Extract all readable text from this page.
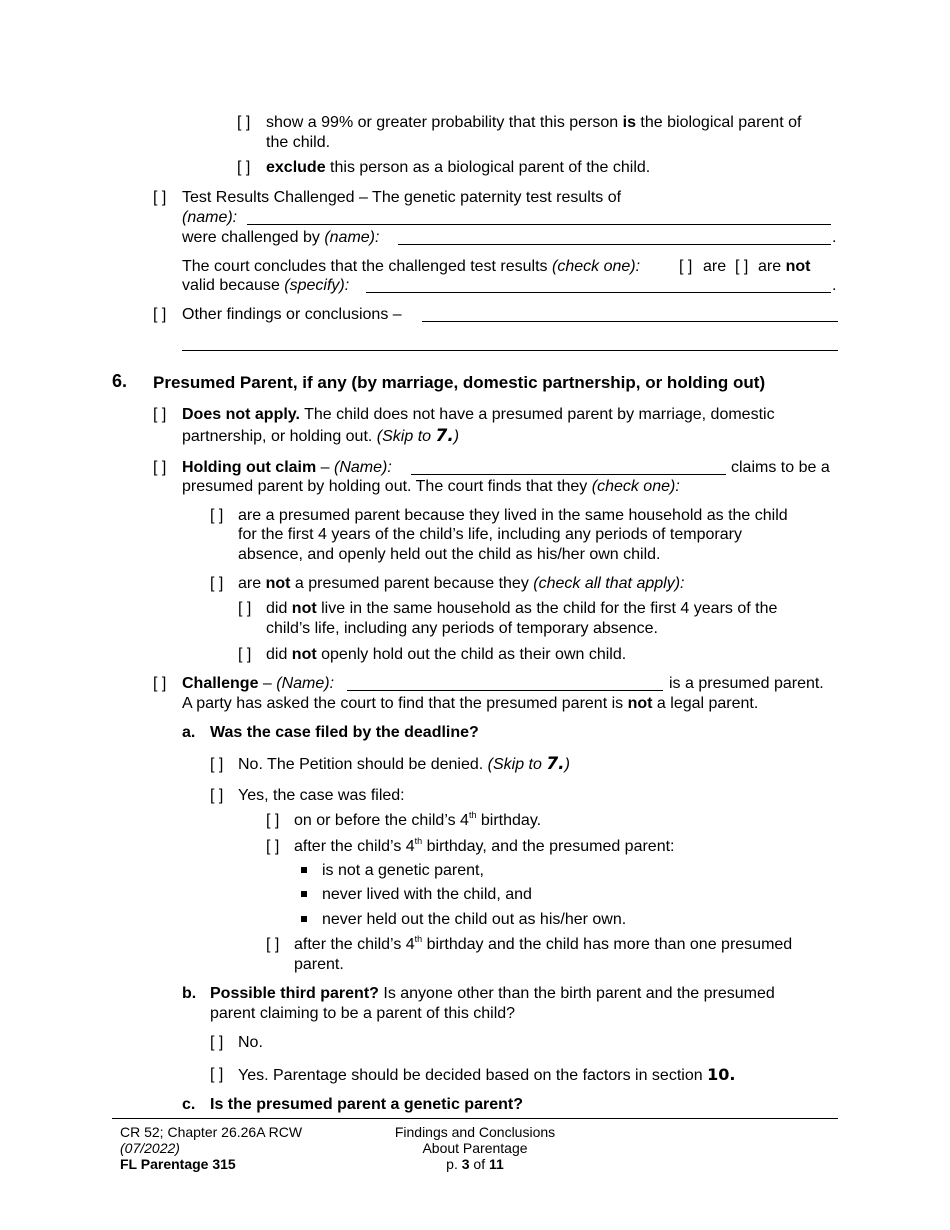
[ ] show a 99% or greater probability that this person is the biological parent of
the child.
[ ] exclude this person as a biological parent of the child.
[ ] Test Results Challenged – The genetic paternity test results of
(name):
were challenged by (name):	.
The court concludes that the challenged test results (check one): [ ] are [ ] are not
valid because (specify):	.
[ ] Other findings or conclusions –
6. Presumed Parent, if any (by marriage, domestic partnership, or holding out)
[ ] Does not apply. The child does not have a presumed parent by marriage, domestic
partnership, or holding out. (Skip to 7.)
[ ] Holding out claim – (Name):	claims to be a
presumed parent by holding out. The court finds that they (check one):
[ ] are a presumed parent because they lived in the same household as the child
for the first 4 years of the child’s life, including any periods of temporary
absence, and openly held out the child as his/her own child.
[ ] are not a presumed parent because they (check all that apply):
[ ] did not live in the same household as the child for the first 4 years of the
child’s life, including any periods of temporary absence.
[ ] did not openly hold out the child as their own child.
[ ] Challenge – (Name):	is a presumed parent.
A party has asked the court to find that the presumed parent is not a legal parent.
a. Was the case filed by the deadline?
[ ] No. The Petition should be denied. (Skip to 7.)
[ ] Yes, the case was filed:
[ ] on or before the child’s 4th birthday.
[ ] after the child’s 4th birthday, and the presumed parent:
is not a genetic parent,
never lived with the child, and
never held out the child out as his/her own.
[ ] after the child’s 4th birthday and the child has more than one presumed
parent.
b. Possible third parent? Is anyone other than the birth parent and the presumed
parent claiming to be a parent of this child?
[ ] No.
[ ] Yes. Parentage should be decided based on the factors in section 10.
c. Is the presumed parent a genetic parent?
CR 52; Chapter 26.26A RCW
(07/2022)
FL Parentage 315
Findings and Conclusions
About Parentage
p. 3 of 11
